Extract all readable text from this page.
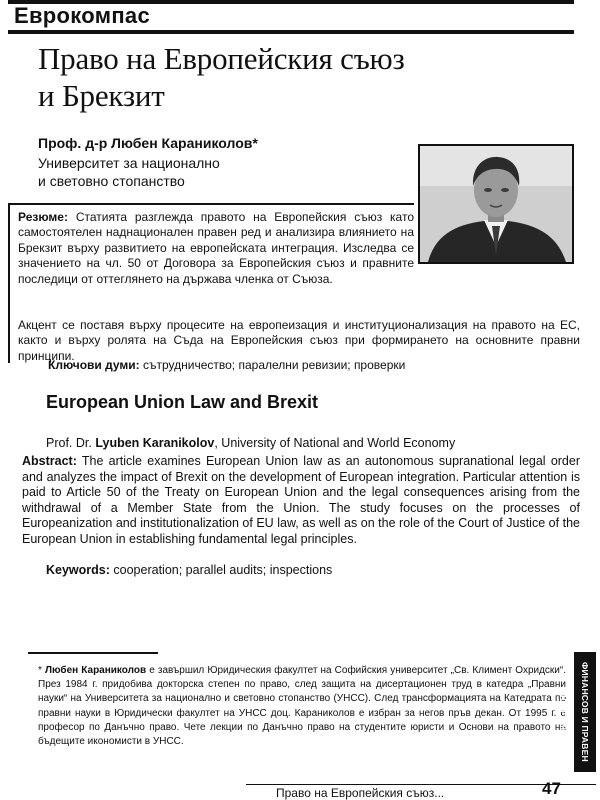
Еврокомпас
Право на Европейския съюз
и Брекзит
Проф. д-р Любен Караниколов*
Университет за национално
и световно стопанство
Резюме: Статията разглежда правото на Европейския съюз като самостоятелен наднационален правен ред и анализира влиянието на Брекзит върху развитието на европейската интеграция. Изследва се значението на чл. 50 от Договора за Европейския съюз и правните последици от оттеглянето на държава членка от Съюза.
Акцент се поставя върху процесите на европеизация и институционализация на правото на ЕС, както и върху ролята на Съда на Европейския съюз при формирането на основните правни принципи.
Ключови думи: сътрудничество; паралелни ревизии; проверки
European Union Law and Brexit
Prof. Dr. Lyuben Karanikolov, University of National and World Economy
Abstract: The article examines European Union law as an autonomous supranational legal order and analyzes the impact of Brexit on the development of European integration. Particular attention is paid to Article 50 of the Treaty on European Union and the legal consequences arising from the withdrawal of a Member State from the Union. The study focuses on the processes of Europeanization and institutionalization of EU law, as well as on the role of the Court of Justice of the European Union in establishing fundamental legal principles.
Keywords: cooperation; parallel audits; inspections
* Любен Караниколов е завършил Юридическия факултет на Софийския университет „Св. Климент Охридски“. През 1984 г. придобива докторска степен по право, след защита на дисертационен труд в катедра „Правни науки“ на Университета за национално и световно стопанство (УНСС). След трансформацията на Катедрата по правни науки в Юридически факултет на УНСС доц. Караниколов е избран за негов пръв декан. От 1995 г. е професор по Данъчно право. Чете лекции по Данъчно право на студентите юристи и Основи на правото на бъдещите икономисти в УНСС.	ФИНАНСОВ И ПРАВЕН БЮЛЕТИН
Право на Европейския съюз...	47
